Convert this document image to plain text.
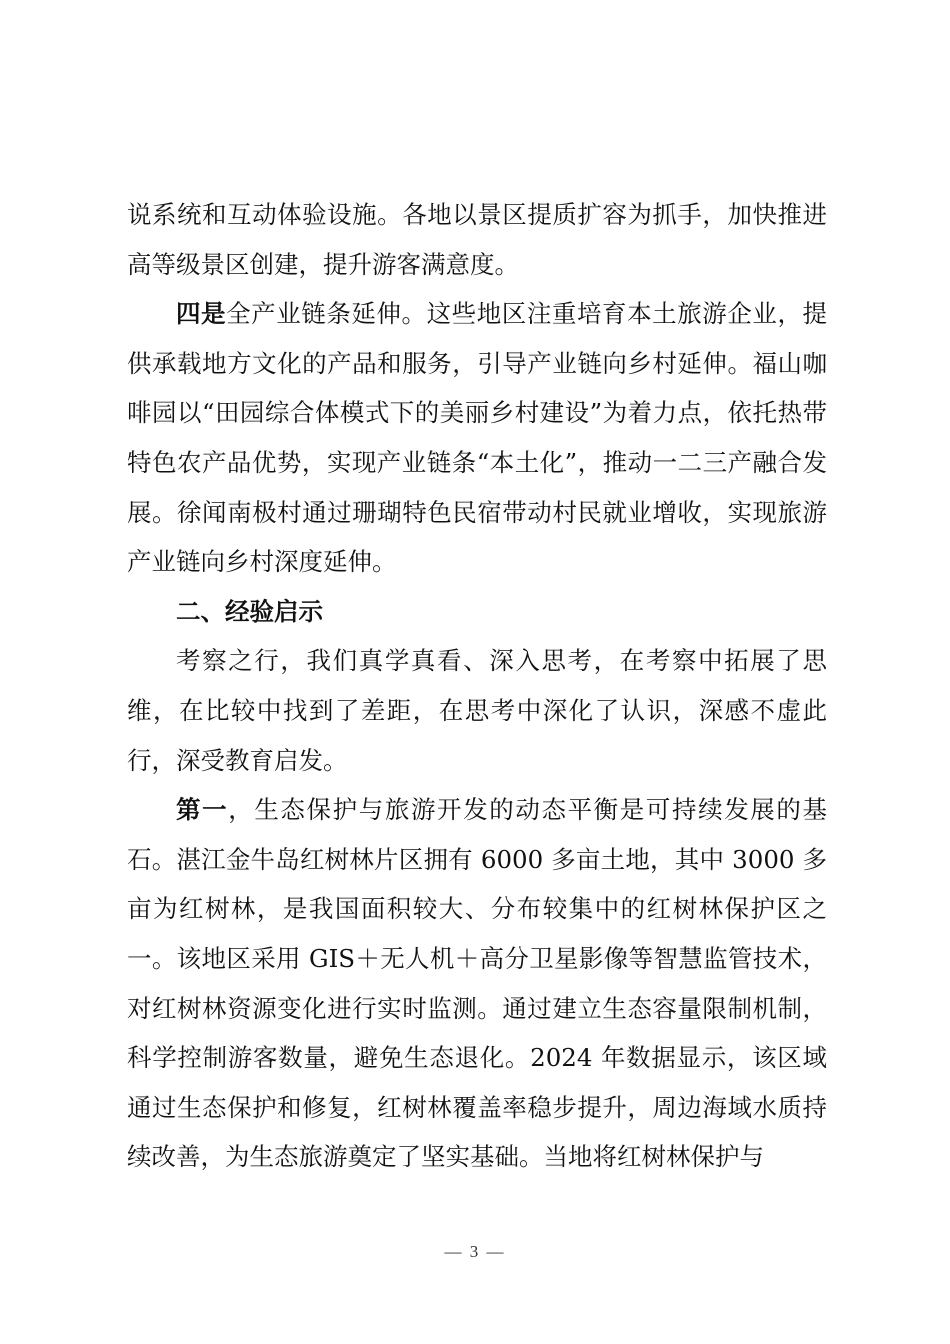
说系统和互动体验设施。各地以景区提质扩容为抓手，加快推进高等级景区创建，提升游客满意度。

四是全产业链条延伸。这些地区注重培育本土旅游企业，提供承载地方文化的产品和服务，引导产业链向乡村延伸。福山咖啡园以“田园综合体模式下的美丽乡村建设”为着力点，依托热带特色农产品优势，实现产业链条“本土化”，推动一二三产融合发展。徐闻南极村通过珊瑚特色民宿带动村民就业增收，实现旅游产业链向乡村深度延伸。

二、经验启示

考察之行，我们真学真看、深入思考，在考察中拓展了思维，在比较中找到了差距，在思考中深化了认识，深感不虚此行，深受教育启发。

第一，生态保护与旅游开发的动态平衡是可持续发展的基石。湛江金牛岛红树林片区拥有 6000 多亩土地，其中 3000 多亩为红树林，是我国面积较大、分布较集中的红树林保护区之一。该地区采用 GIS＋无人机＋高分卫星影像等智慧监管技术，对红树林资源变化进行实时监测。通过建立生态容量限制机制，科学控制游客数量，避免生态退化。2024 年数据显示，该区域通过生态保护和修复，红树林覆盖率稳步提升，周边海域水质持续改善，为生态旅游奠定了坚实基础。当地将红树林保护与

— 3 —
